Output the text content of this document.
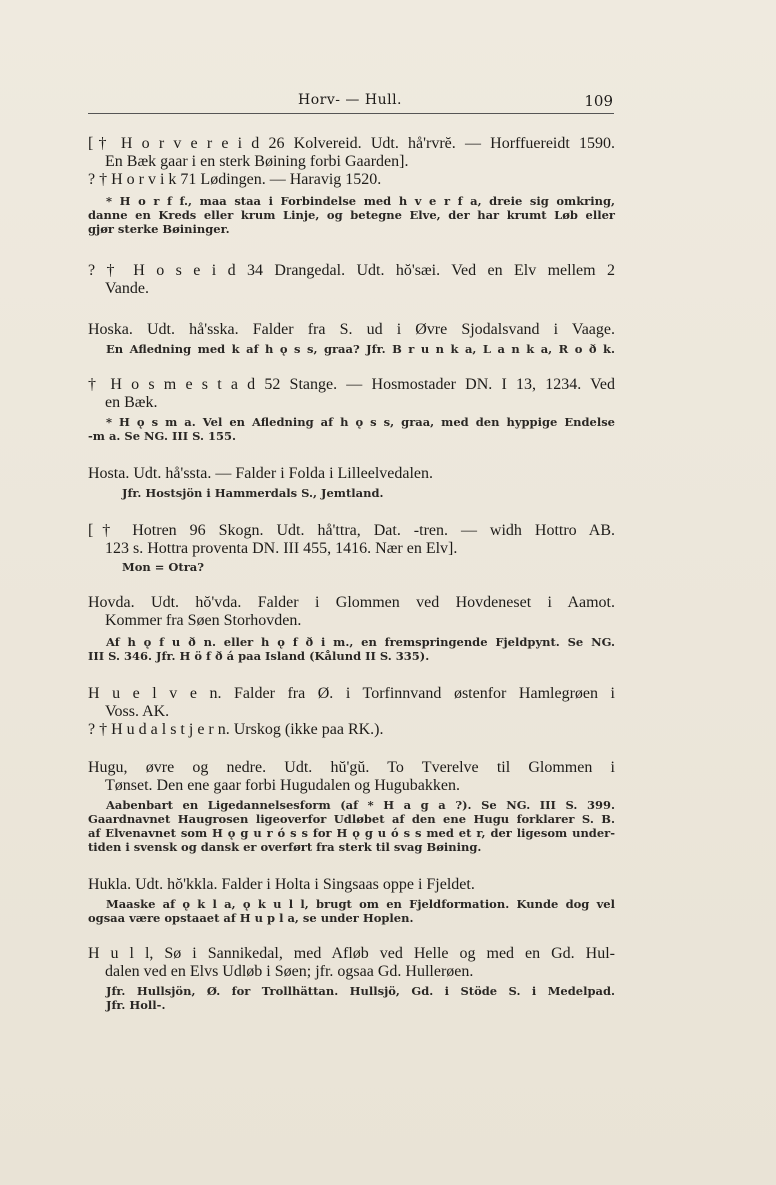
Horv- — Hull.	109

[† H o r v e r e i d 26 Kolvereid. Udt. hå'rvrĕ. — Horffuereidt 1590.

En Bæk gaar i en sterk Bøining forbi Gaarden].

? † H o r v i k 71 Lødingen. — Haravig 1520.

* H o r f f., maa staa i Forbindelse med h v e r f a, dreie sig omkring,

danne en Kreds eller krum Linje, og betegne Elve, der har krumt Løb eller

gjør sterke Bøininger.

? † H o s e i d 34 Drangedal. Udt. hŏ'sæi. Ved en Elv mellem 2

Vande.

Hoska. Udt. hå'sska. Falder fra S. ud i Øvre Sjodalsvand i Vaage.

En Afledning med k af h ǫ s s, graa? Jfr. B r u n k a, L a n k a, R o ð k.

† H o s m e s t a d 52 Stange. — Hosmostader DN. I 13, 1234. Ved

en Bæk.

* H ǫ s m a. Vel en Afledning af h ǫ s s, graa, med den hyppige Endelse

-m a. Se NG. III S. 155.

Hosta. Udt. hå'ssta. — Falder i Folda i Lilleelvedalen.

Jfr. Hostsjön i Hammerdals S., Jemtland.

[† Hotren 96 Skogn. Udt. hå'ttra, Dat. -tren. — widh Hottro AB.

123 s. Hottra proventa DN. III 455, 1416. Nær en Elv].

Mon = Otra?

Hovda. Udt. hŏ'vda. Falder i Glommen ved Hovdeneset i Aamot.

Kommer fra Søen Storhovden.

Af h ǫ f u ð n. eller h ǫ f ð i m., en fremspringende Fjeldpynt. Se NG.

III S. 346. Jfr. H ö f ð á paa Island (Kålund II S. 335).

H u e l v e n. Falder fra Ø. i Torfinnvand østenfor Hamlegrøen i

Voss. AK.

? † H u d a l s t j e r n. Urskog (ikke paa RK.).

Hugu, øvre og nedre. Udt. hŭ'gŭ. To Tverelve til Glommen i

Tønset. Den ene gaar forbi Hugudalen og Hugubakken.

Aabenbart en Ligedannelsesform (af * H a g a ?). Se NG. III S. 399.

Gaardnavnet Haugrosen ligeoverfor Udløbet af den ene Hugu forklarer S. B.

af Elvenavnet som H ǫ g u r ó s s for H ǫ g u ó s s med et r, der ligesom under-

tiden i svensk og dansk er overført fra sterk til svag Bøining.

Hukla. Udt. hŏ'kkla. Falder i Holta i Singsaas oppe i Fjeldet.

Maaske af ǫ k l a, ǫ k u l l, brugt om en Fjeldformation. Kunde dog vel

ogsaa være opstaaet af H u p l a, se under Hoplen.

H u l l, Sø i Sannikedal, med Afløb ved Helle og med en Gd. Hul-

dalen ved en Elvs Udløb i Søen; jfr. ogsaa Gd. Hullerøen.

Jfr. Hullsjön, Ø. for Trollhättan. Hullsjö, Gd. i Stöde S. i Medelpad.

Jfr. Holl-.
